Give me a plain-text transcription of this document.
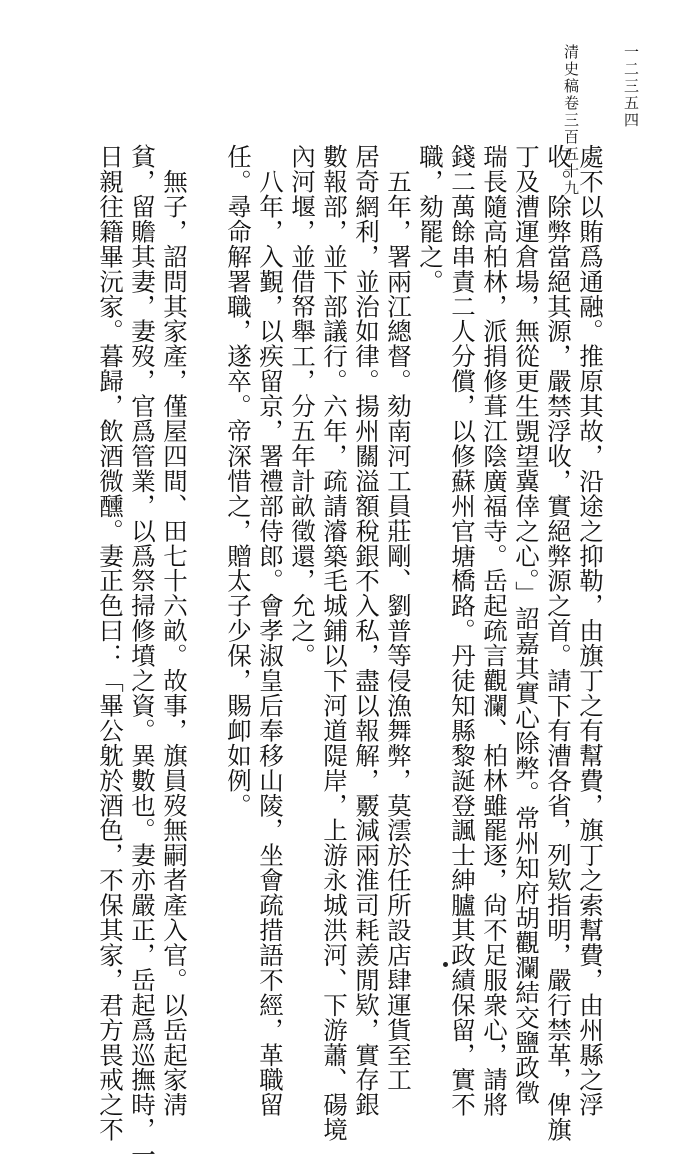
清史稿卷三百五十九	一二三五四
處不以賄爲通融。推原其故，沿途之抑勒，由旗丁之有幫費，旗丁之索幫費，由州縣之浮
收。除弊當絕其源，嚴禁浮收，實絕弊源之首。請下有漕各省，列欵指明，嚴行禁革，俾旗
丁及漕運倉場，無從更生覬望冀倖之心。」詔嘉其實心除弊。常州知府胡觀瀾結交鹽政徵
瑞長隨高柏林，派捐修葺江陰廣福寺。岳起疏言觀瀾、柏林雖罷逐，尙不足服衆心，請將
錢二萬餘串責二人分償，以修蘇州官塘橋路。丹徒知縣黎誕登諷士紳臚其政績保留，實不
職，劾罷之。
　五年，署兩江總督。劾南河工員莊剛、劉普等侵漁舞弊，莫澐於任所設店肆運貨至工
居奇網利，並治如律。揚州關溢額稅銀不入私，盡以報解，覈減兩淮司耗羨閒欵，實存銀
數報部，並下部議行。六年，疏請濬築毛城鋪以下河道隄岸，上游永城洪河、下游蕭、碭境
內河堰，並借帑舉工，分五年計畝徵還，允之。
　八年，入覲，以疾留京，署禮部侍郎。會孝淑皇后奉移山陵，坐會疏措語不經，革職留
任。尋命解署職，遂卒。帝深惜之，贈太子少保，賜卹如例。
　無子，詔問其家產，僅屋四間、田七十六畝。故事，旗員歿無嗣者產入官。以岳起家淸
貧，留贍其妻，妻歿，官爲管業，以爲祭掃修墳之資。異數也。妻亦嚴正，岳起爲巡撫時，一
日親往籍畢沅家。暮歸，飲酒微醺。妻正色曰：「畢公躭於酒色，不保其家，君方畏戒之不
